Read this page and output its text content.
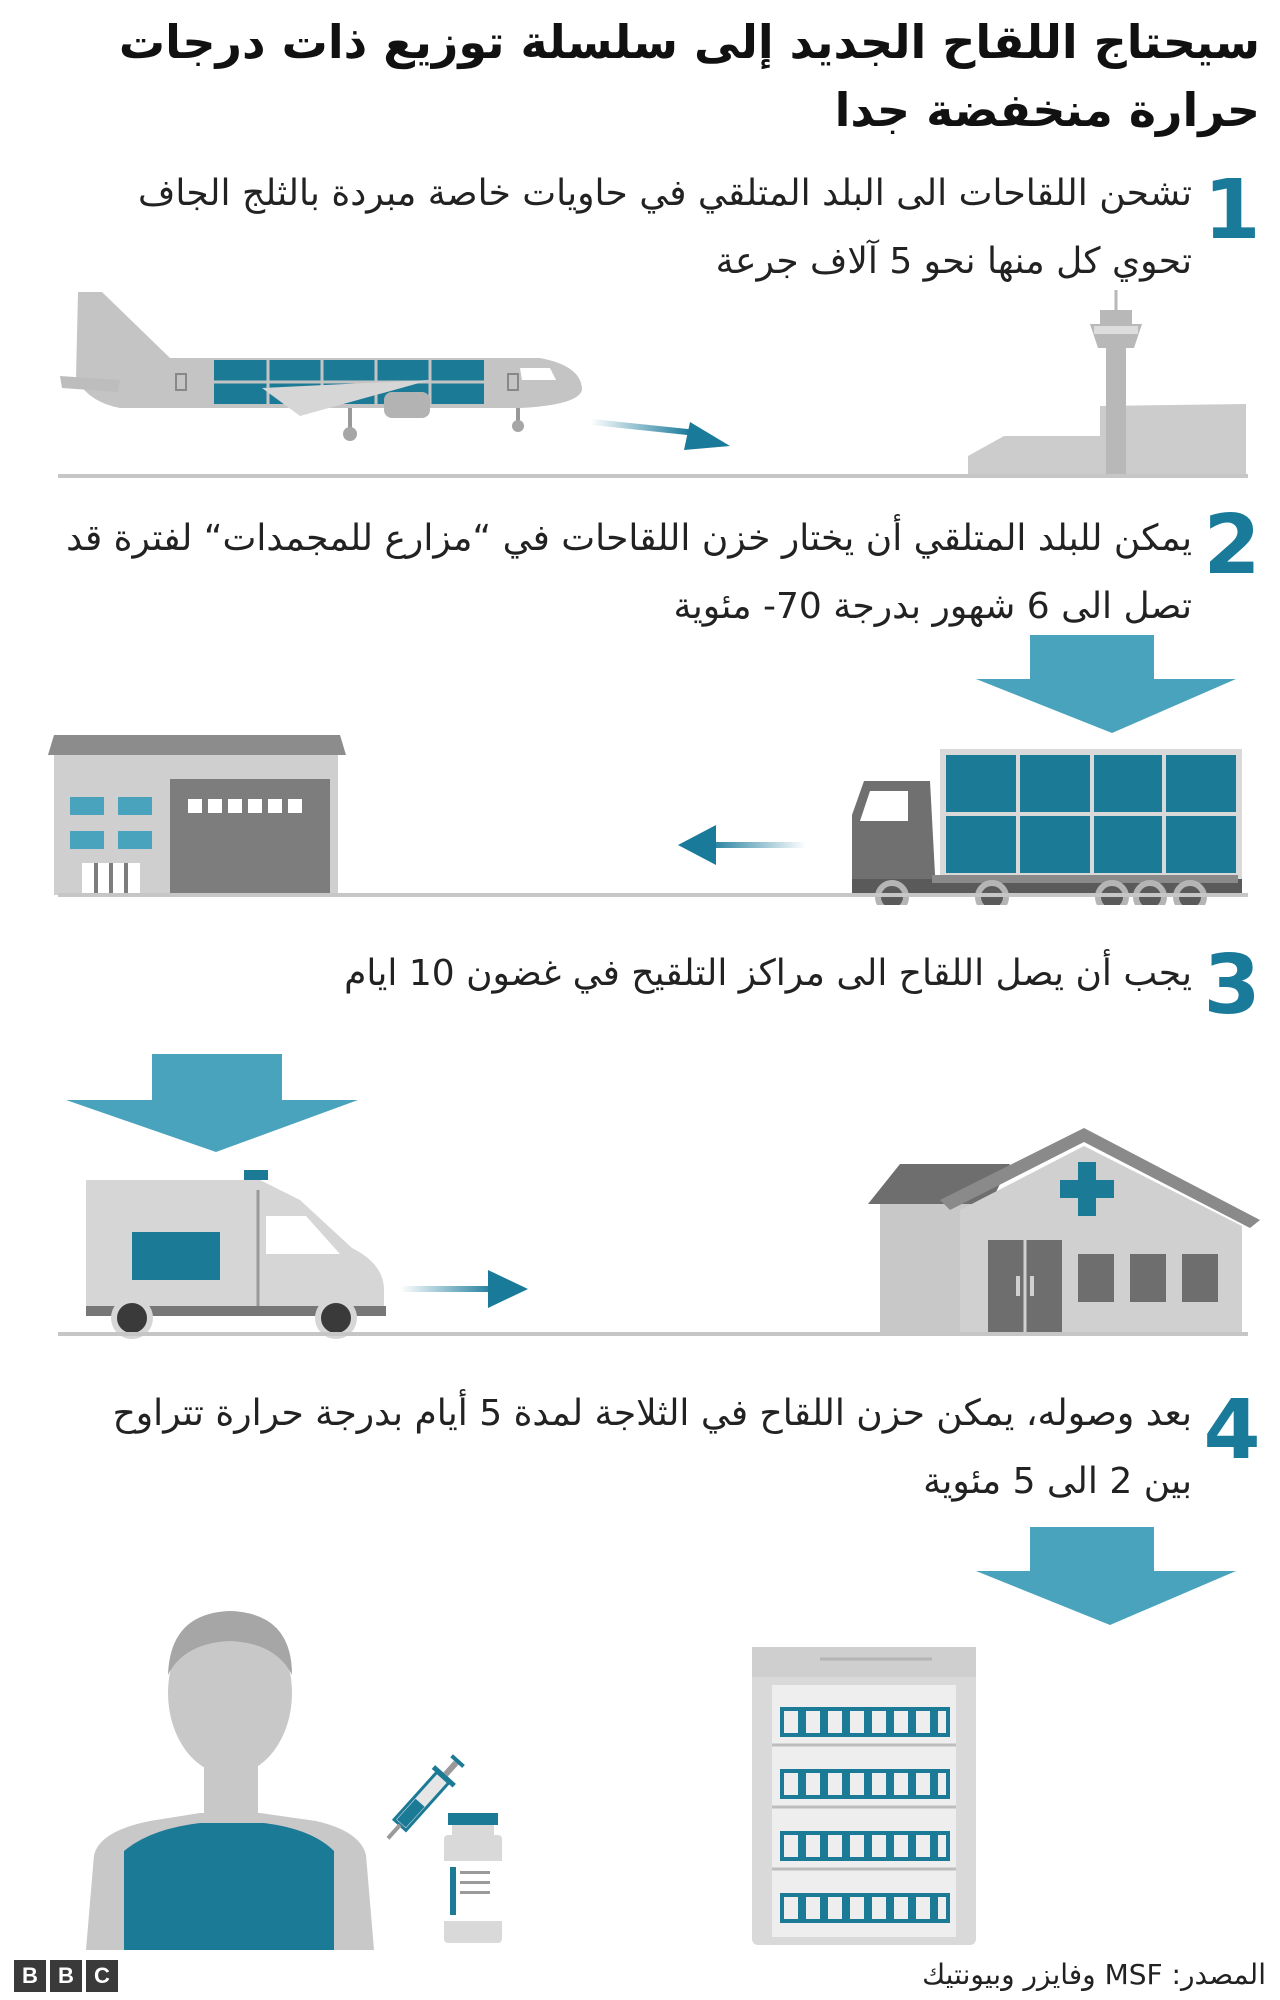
سيحتاج اللقاح الجديد إلى سلسلة توزيع ذات درجات حرارة منخفضة جدا
1

تشحن اللقاحات الى البلد المتلقي في حاويات خاصة مبردة بالثلج الجاف تحوي كل منها نحو 5 آلاف جرعة

2

يمكن للبلد المتلقي أن يختار خزن اللقاحات في “مزارع للمجمدات“ لفترة قد تصل الى 6 شهور بدرجة 70- مئوية

3

يجب أن يصل اللقاح الى مراكز التلقيح في غضون 10 ايام

4

بعد وصوله، يمكن حزن اللقاح في الثلاجة لمدة 5 أيام بدرجة حرارة تتراوح بين 2 الى 5 مئوية

B B C	المصدر: MSF وفايزر وبيونتيك
